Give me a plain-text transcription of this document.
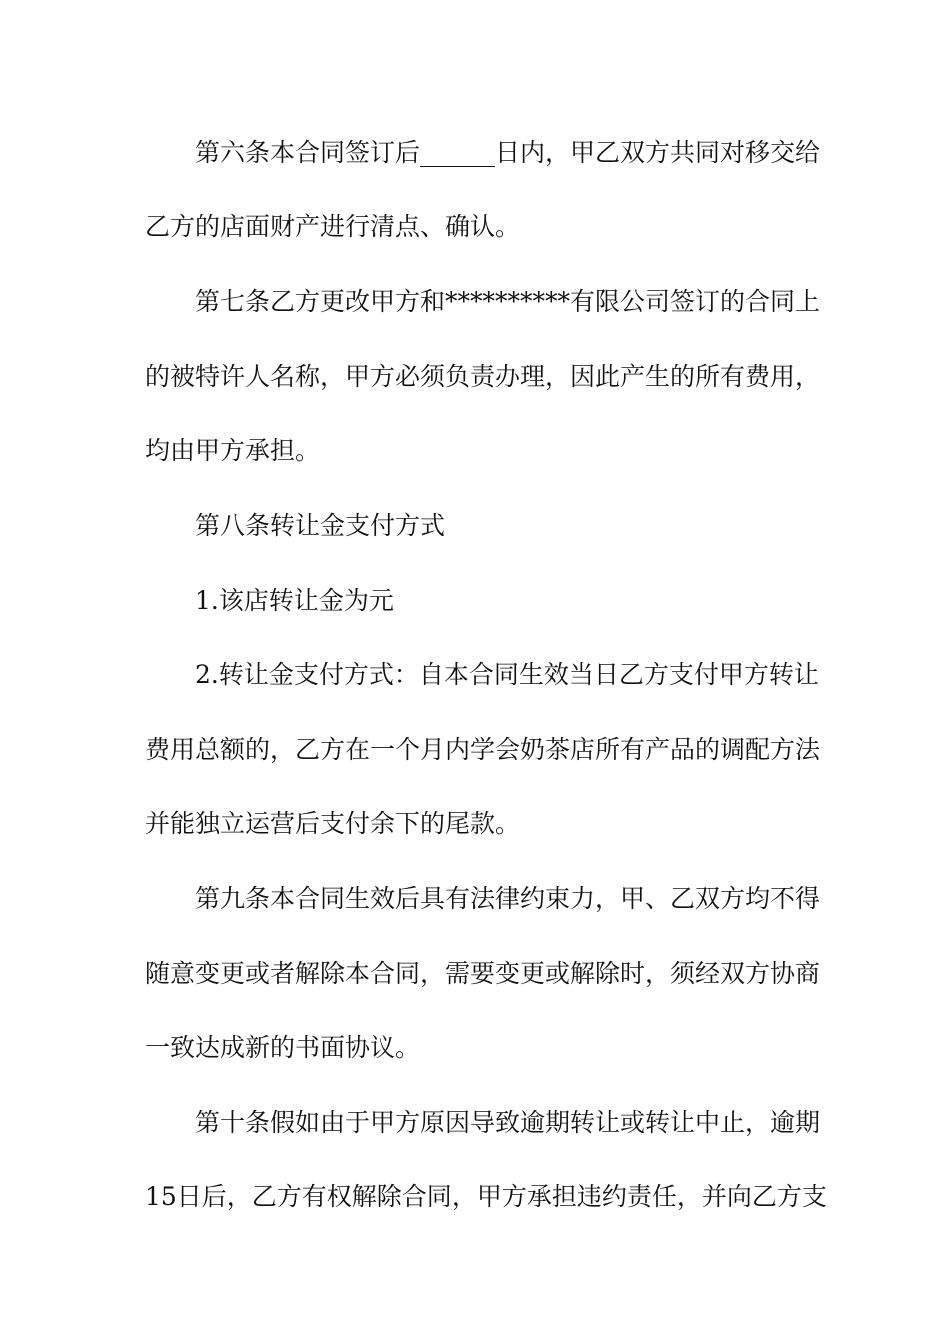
第六条本合同签订后______日内，甲乙双方共同对移交给
乙方的店面财产进行清点、确认。
第七条乙方更改甲方和**********有限公司签订的合同上
的被特许人名称，甲方必须负责办理，因此产生的所有费用，
均由甲方承担。
第八条转让金支付方式
1.该店转让金为元
2.转让金支付方式：自本合同生效当日乙方支付甲方转让
费用总额的，乙方在一个月内学会奶茶店所有产品的调配方法
并能独立运营后支付余下的尾款。
第九条本合同生效后具有法律约束力，甲、乙双方均不得
随意变更或者解除本合同，需要变更或解除时，须经双方协商
一致达成新的书面协议。
第十条假如由于甲方原因导致逾期转让或转让中止，逾期
15日后，乙方有权解除合同，甲方承担违约责任，并向乙方支
